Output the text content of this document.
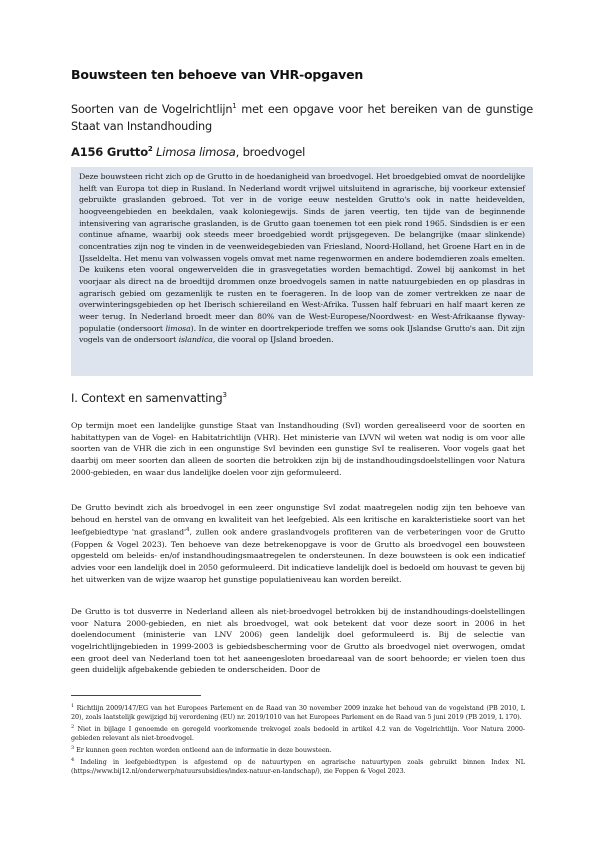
Bouwsteen ten behoeve van VHR-opgaven
Soorten van de Vogelrichtlijn$^1$ met een opgave voor het bereiken van de gunstige Staat van Instandhouding
A156 Grutto$^2$ Limosa limosa, broedvogel

Deze bouwsteen richt zich op de Grutto in de hoedanigheid van broedvogel. Het broedgebied omvat de noordelijke helft van Europa tot diep in Rusland. In Nederland wordt vrijwel uitsluitend in agrarische, bij voorkeur extensief gebruikte graslanden gebroed. Tot ver in de vorige eeuw nestelden Grutto's ook in natte heidevelden, hoogveengebieden en beekdalen, vaak koloniegewijs. Sinds de jaren veertig, ten tijde van de beginnende intensivering van agrarische graslanden, is de Grutto gaan toenemen tot een piek rond 1965. Sindsdien is er een continue afname, waarbij ook steeds meer broedgebied wordt prijsgegeven. De belangrijke (maar slinkende) concentraties zijn nog te vinden in de veenweidegebieden van Friesland, Noord-Holland, het Groene Hart en in de IJsseldelta. Het menu van volwassen vogels omvat met name regenwormen en andere bodemdieren zoals emelten. De kuikens eten vooral ongewervelden die in grasvegetaties worden bemachtigd. Zowel bij aankomst in het voorjaar als direct na de broedtijd drommen onze broedvogels samen in natte natuurgebieden en op plasdras in agrarisch gebied om gezamenlijk te rusten en te foerageren. In de loop van de zomer vertrekken ze naar de overwinteringsgebieden op het Iberisch schiereiland en West-Afrika. Tussen half februari en half maart keren ze weer terug. In Nederland broedt meer dan 80% van de West-Europese/Noordwest- en West-Afrikaanse flyway-populatie (ondersoort limosa). In de winter en doortrekperiode treffen we soms ook IJslandse Grutto's aan. Dit zijn vogels van de ondersoort islandica, die vooral op IJsland broeden.

I. Context en samenvatting$^3$

Op termijn moet een landelijke gunstige Staat van Instandhouding (SvI) worden gerealiseerd voor de soorten en habitattypen van de Vogel- en Habitatrichtlijn (VHR). Het ministerie van LVVN wil weten wat nodig is om voor alle soorten van de VHR die zich in een ongunstige SvI bevinden een gunstige SvI te realiseren. Voor vogels gaat het daarbij om meer soorten dan alleen de soorten die betrokken zijn bij de instandhoudingsdoelstellingen voor Natura 2000-gebieden, en waar dus landelijke doelen voor zijn geformuleerd.

De Grutto bevindt zich als broedvogel in een zeer ongunstige SvI zodat maatregelen nodig zijn ten behoeve van behoud en herstel van de omvang en kwaliteit van het leefgebied. Als een kritische en karakteristieke soort van het leefgebiedtype 'nat $grasland'^4$, zullen ook andere graslandvogels profiteren van de verbeteringen voor de Grutto (Foppen & Vogel 2023). Ten behoeve van deze betrekenopgave is voor de Grutto als broedvogel een bouwsteen opgesteld om beleids- en/of instandhoudingsmaatregelen te ondersteunen. In deze bouwsteen is ook een indicatief advies voor een landelijk doel in 2050 geformuleerd. Dit indicatieve landelijk doel is bedoeld om houvast te geven bij het uitwerken van de wijze waarop het gunstige populatieniveau kan worden bereikt.

De Grutto is tot dusverre in Nederland alleen als niet-broedvogel betrokken bij de instandhoudings-doelstellingen voor Natura 2000-gebieden, en niet als broedvogel, wat ook betekent dat voor deze soort in 2006 in het doelendocument (ministerie van LNV 2006) geen landelijk doel geformuleerd is. Bij de selectie van vogelrichtlijngebieden in 1999-2003 is gebiedsbescherming voor de Grutto als broedvogel niet overwogen, omdat een groot deel van Nederland toen tot het aaneengesloten broedareaal van de soort behoorde; er vielen toen dus geen duidelijk afgebakende gebieden te onderscheiden. Door de

$^1$ Richtlijn 2009/147/EG van het Europees Parlement en de Raad van 30 november 2009 inzake het behoud van de vogelstand (PB 2010, L 20), zoals laatstelijk gewijzigd bij verordening (EU) nr. 2019/1010 van het Europees Parlement en de Raad van 5 juni 2019 (PB 2019, L 170).

$^2$ Niet in bijlage I genoemde en geregeld voorkomende trekvogel zoals bedoeld in artikel 4.2 van de Vogelrichtlijn. Voor Natura 2000-gebieden relevant als niet-broedvogel.

$^3$ Er kunnen geen rechten worden ontleend aan de informatie in deze bouwsteen.

$^4$ Indeling in leefgebiedtypen is afgestemd op de natuurtypen en agrarische natuurtypen zoals gebruikt binnen Index NL (https://www.bij12.nl/onderwerp/natuursubsidies/index-natuur-en-landschap/), zie Foppen & Vogel 2023.
